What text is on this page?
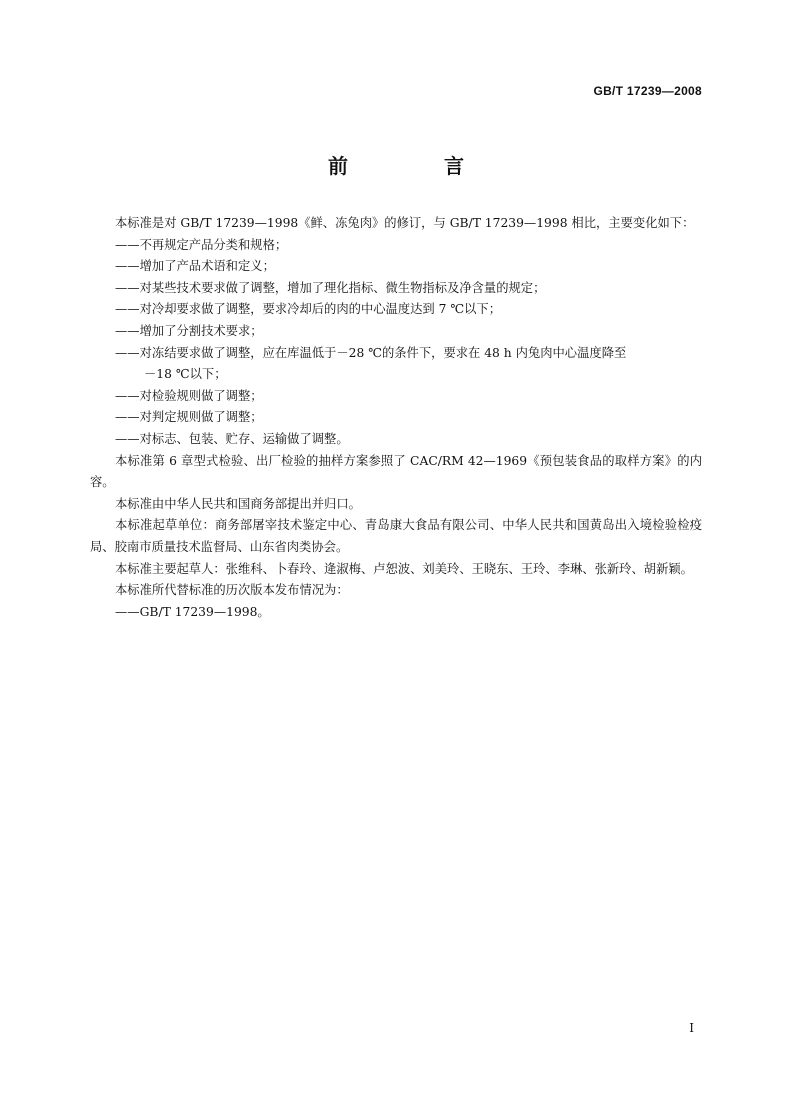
GB/T 17239—2008
前　言

本标准是对 GB/T 17239—1998《鲜、冻兔肉》的修订，与 GB/T 17239—1998 相比，主要变化如下：

——不再规定产品分类和规格；

——增加了产品术语和定义；

——对某些技术要求做了调整，增加了理化指标、微生物指标及净含量的规定；

——对冷却要求做了调整，要求冷却后的肉的中心温度达到 7 ℃以下；

——增加了分割技术要求；

——对冻结要求做了调整，应在库温低于－28 ℃的条件下，要求在 48 h 内兔肉中心温度降至

－18 ℃以下；

——对检验规则做了调整；

——对判定规则做了调整；

——对标志、包装、贮存、运输做了调整。

本标准第 6 章型式检验、出厂检验的抽样方案参照了 CAC/RM 42—1969《预包装食品的取样方案》的内容。

本标准由中华人民共和国商务部提出并归口。

本标准起草单位：商务部屠宰技术鉴定中心、青岛康大食品有限公司、中华人民共和国黄岛出入境检验检疫局、胶南市质量技术监督局、山东省肉类协会。

本标准主要起草人：张维科、卜春玲、逄淑梅、卢恕波、刘美玲、王晓东、王玲、李琳、张新玲、胡新颖。

本标准所代替标准的历次版本发布情况为：

——GB/T 17239—1998。

I
